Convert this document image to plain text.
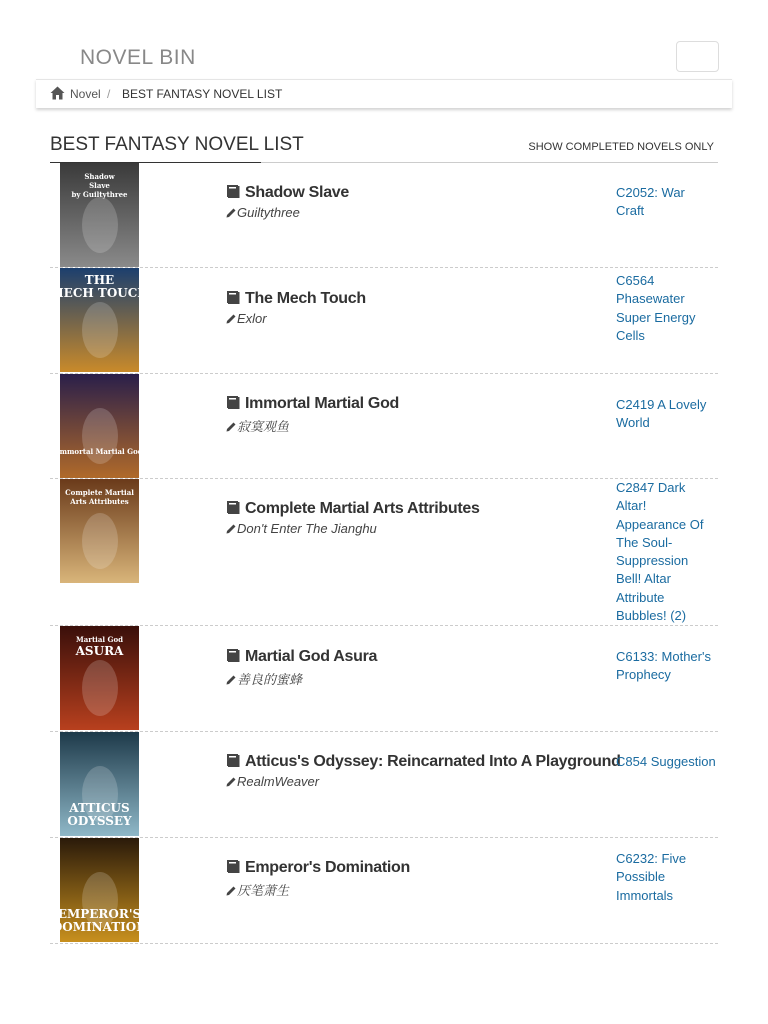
NOVEL BIN
Novel / BEST FANTASY NOVEL LIST
BEST FANTASY NOVEL LIST	SHOW COMPLETED NOVELS ONLY
Shadow
Slave
by Guiltythree	Shadow Slave
Guiltythree
C2052: War Craft
THE
MECH TOUCH	The Mech Touch
Exlor
C6564 Phasewater Super Energy Cells
Immortal Martial God
Immortal Martial God
寂寞观鱼
C2419 A Lovely World
Complete Martial
Arts Attributes	Complete Martial Arts Attributes
Don't Enter The Jianghu
C2847 Dark Altar! Appearance Of The Soul-Suppression Bell! Altar Attribute Bubbles! (2)
Martial God
ASURA	Martial God Asura
善良的蜜蜂
C6133: Mother's Prophecy
ATTICUS
ODYSSEY
Atticus's Odyssey: Reincarnated Into A Playground
RealmWeaver
C854 Suggestion
EMPEROR'S
DOMINATION
Emperor's Domination
厌笔萧生
C6232: Five Possible Immortals
